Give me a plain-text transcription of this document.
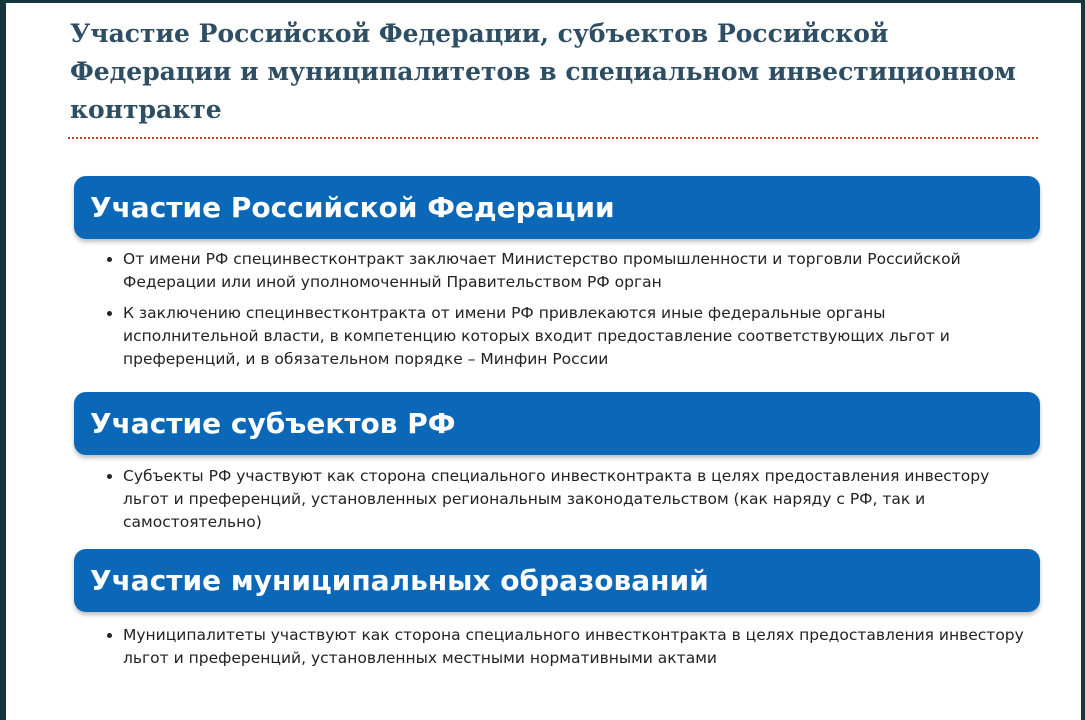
Участие Российской Федерации, субъектов Российской Федерации и муниципалитетов в специальном инвестиционном контракте
Участие Российской Федерации
От имени РФ специнвестконтракт заключает Министерство промышленности и торговли Российской Федерации или иной уполномоченный Правительством РФ орган
К заключению специнвестконтракта от имени РФ привлекаются иные федеральные органы исполнительной власти, в компетенцию которых входит предоставление соответствующих льгот и преференций, и в обязательном порядке – Минфин России
Участие субъектов РФ
Субъекты РФ участвуют как сторона специального инвестконтракта в целях предоставления инвестору льгот и преференций, установленных региональным законодательством (как наряду с РФ, так и самостоятельно)
Участие муниципальных образований
Муниципалитеты участвуют как сторона специального инвестконтракта в целях предоставления инвестору льгот и преференций, установленных местными нормативными актами
